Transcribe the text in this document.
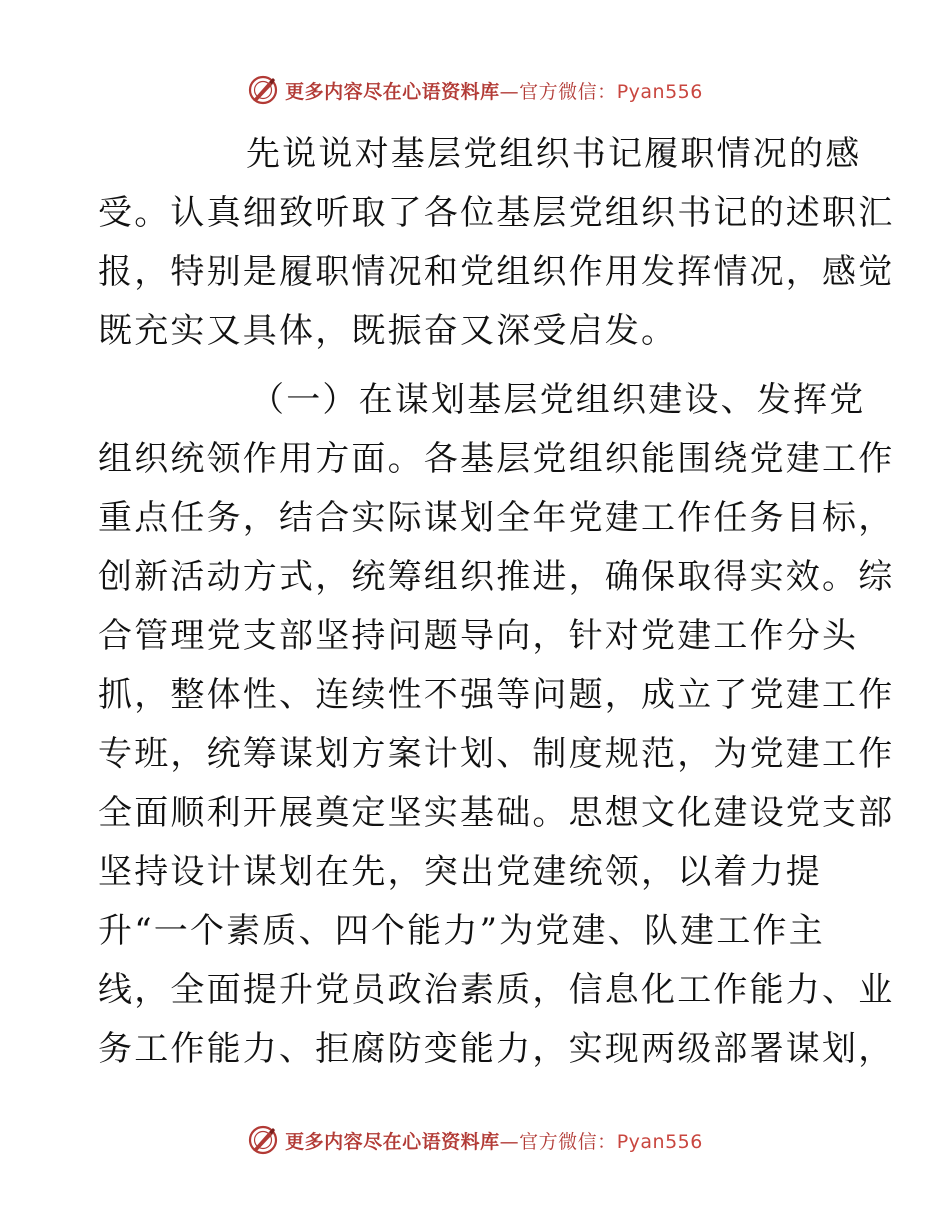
更多内容尽在心语资料库—官方微信：Pyan556
先说说对基层党组织书记履职情况的感
受。认真细致听取了各位基层党组织书记的述职汇
报，特别是履职情况和党组织作用发挥情况，感觉
既充实又具体，既振奋又深受启发。
（一）在谋划基层党组织建设、发挥党
组织统领作用方面。各基层党组织能围绕党建工作
重点任务，结合实际谋划全年党建工作任务目标，
创新活动方式，统筹组织推进，确保取得实效。综
合管理党支部坚持问题导向，针对党建工作分头
抓，整体性、连续性不强等问题，成立了党建工作
专班，统筹谋划方案计划、制度规范，为党建工作
全面顺利开展奠定坚实基础。思想文化建设党支部
坚持设计谋划在先，突出党建统领，以着力提
升“一个素质、四个能力”为党建、队建工作主
线，全面提升党员政治素质，信息化工作能力、业
务工作能力、拒腐防变能力，实现两级部署谋划，
更多内容尽在心语资料库—官方微信：Pyan556
